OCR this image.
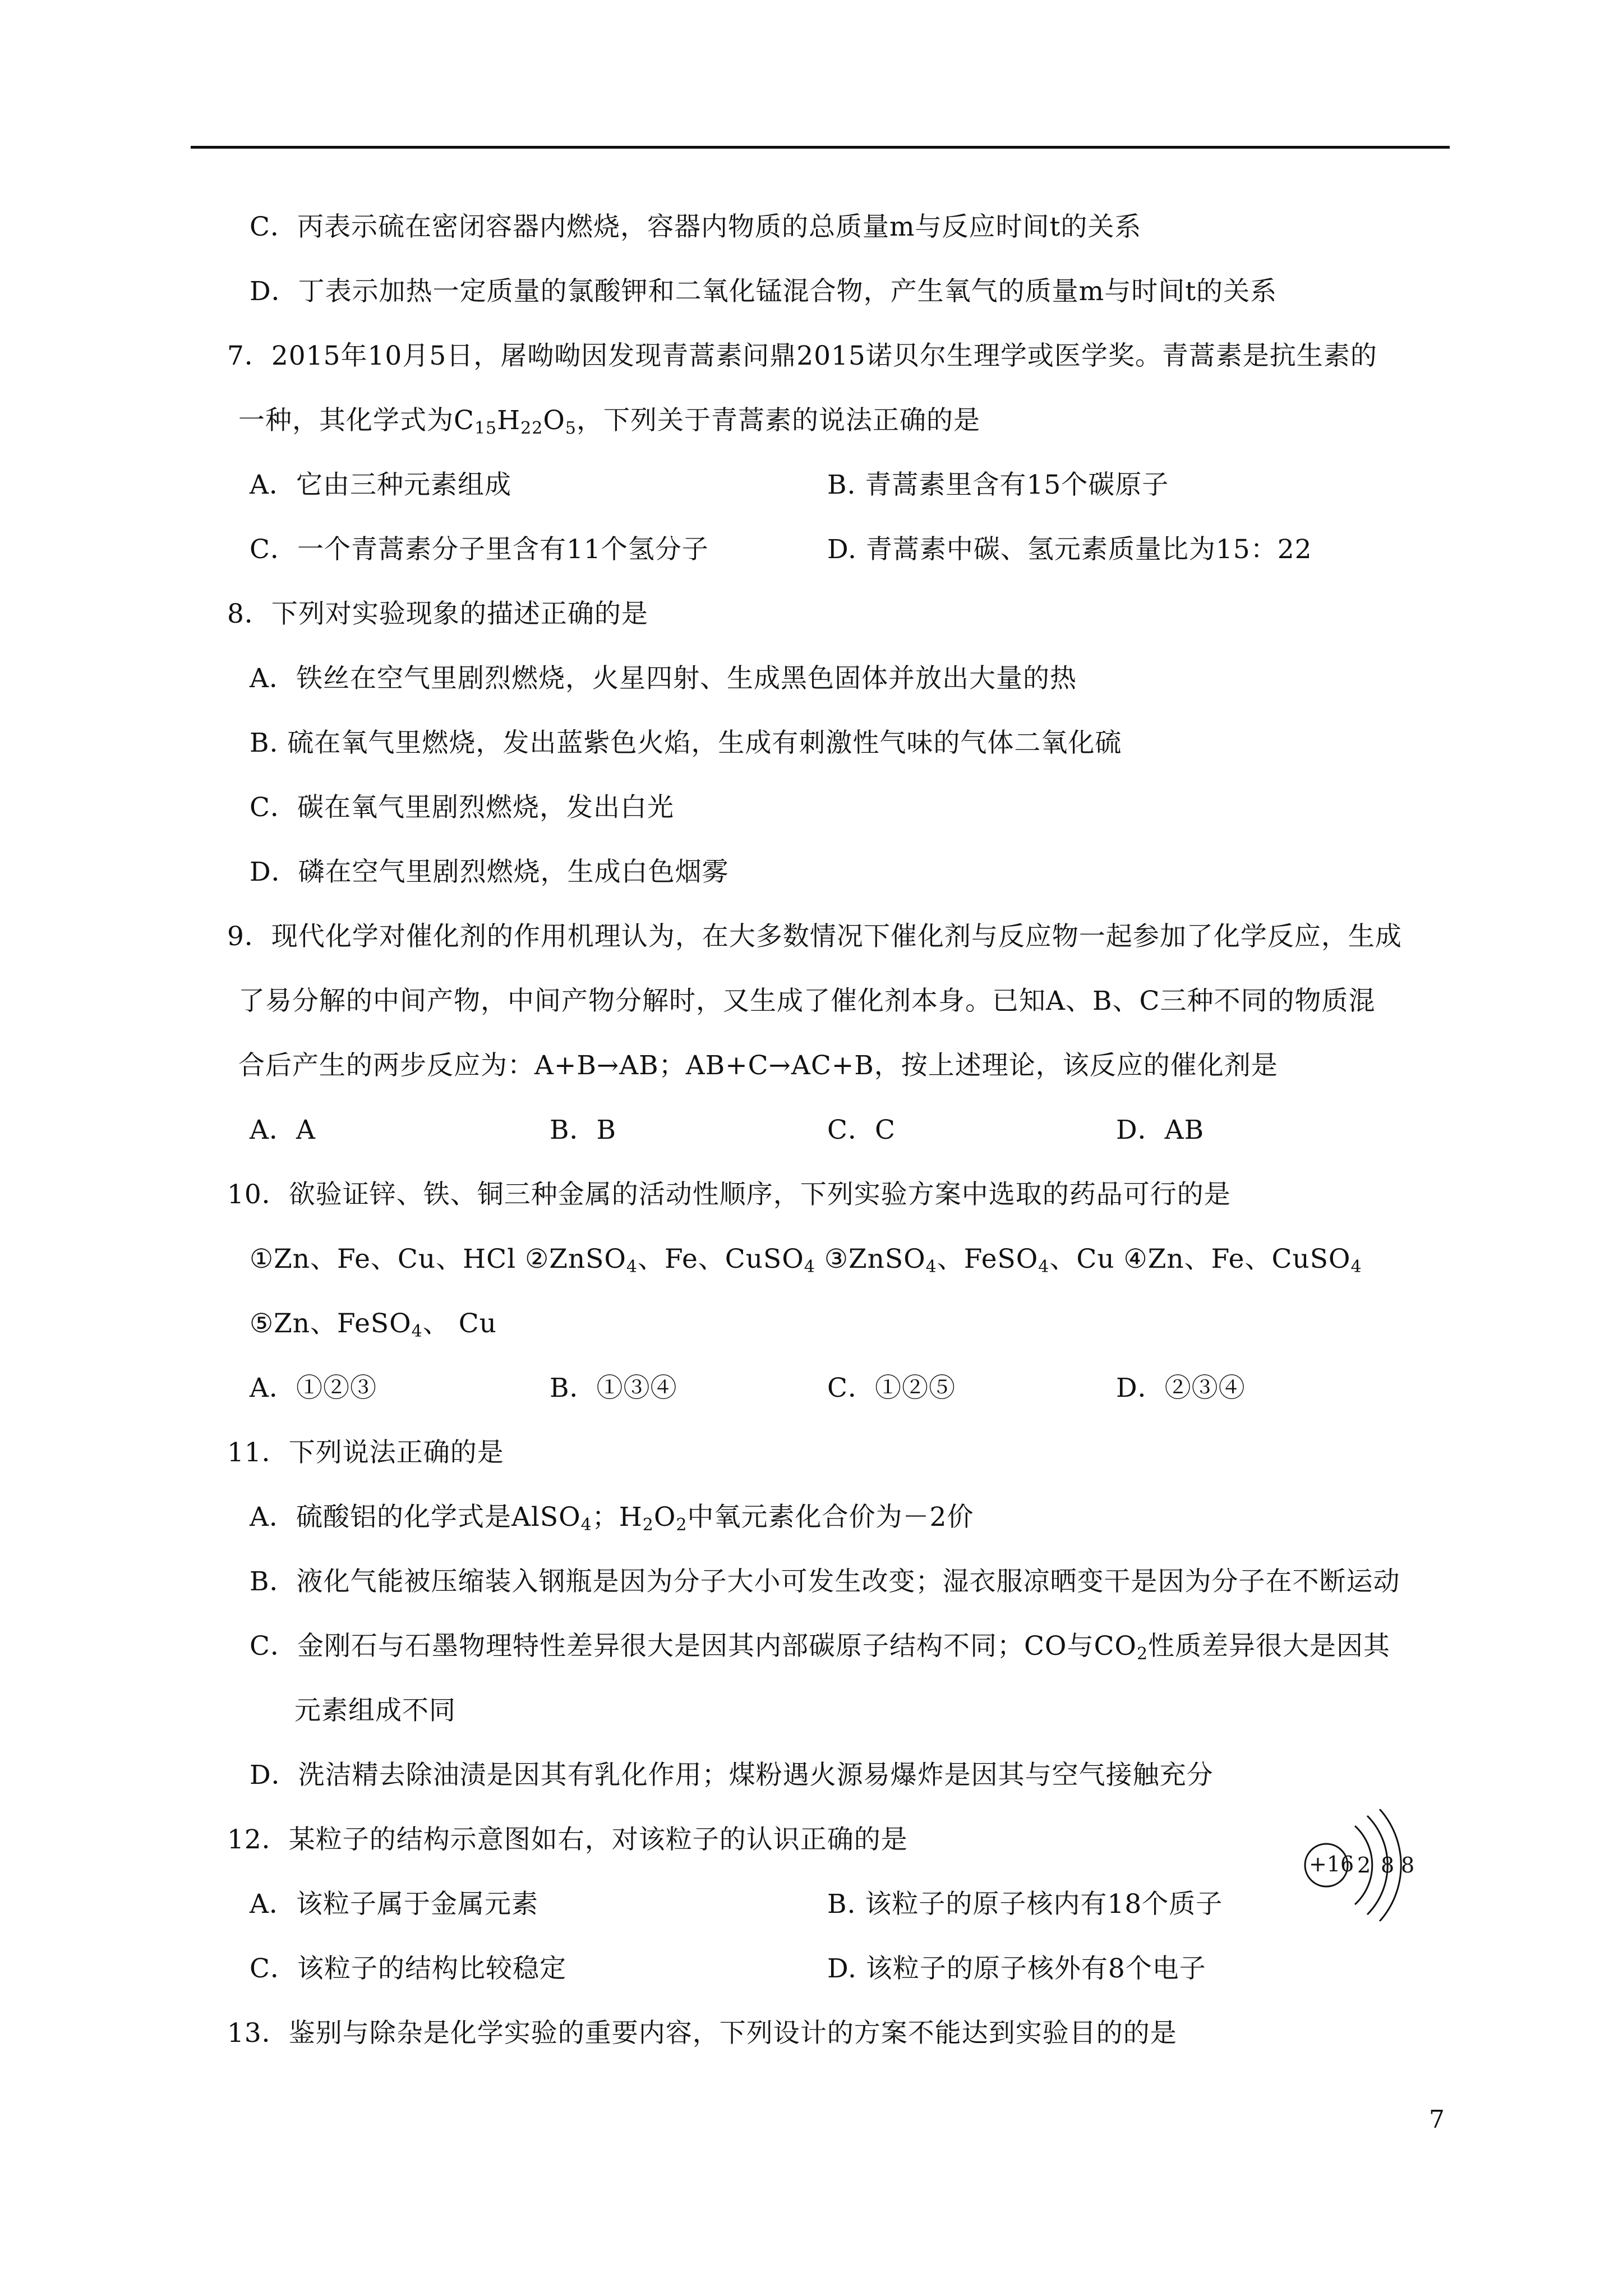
C．丙表示硫在密闭容器内燃烧，容器内物质的总质量m与反应时间t的关系
D．丁表示加热一定质量的氯酸钾和二氧化锰混合物，产生氧气的质量m与时间t的关系
7．2015年10月5日，屠呦呦因发现青蒿素问鼎2015诺贝尔生理学或医学奖。青蒿素是抗生素的
一种，其化学式为$C_{15}H_{22}O_5$，下列关于青蒿素的说法正确的是
A．它由三种元素组成	B. 青蒿素里含有15个碳原子
C．一个青蒿素分子里含有11个氢分子	D. 青蒿素中碳、氢元素质量比为15：22
8．下列对实验现象的描述正确的是
A．铁丝在空气里剧烈燃烧，火星四射、生成黑色固体并放出大量的热
B. 硫在氧气里燃烧，发出蓝紫色火焰，生成有刺激性气味的气体二氧化硫
C．碳在氧气里剧烈燃烧，发出白光
D．磷在空气里剧烈燃烧，生成白色烟雾
9．现代化学对催化剂的作用机理认为，在大多数情况下催化剂与反应物一起参加了化学反应，生成
了易分解的中间产物，中间产物分解时，又生成了催化剂本身。已知A、B、C三种不同的物质混
合后产生的两步反应为：A+B→AB；AB+C→AC+B，按上述理论，该反应的催化剂是
A．A	B．B	C．C	D．AB
10．欲验证锌、铁、铜三种金属的活动性顺序，下列实验方案中选取的药品可行的是
①Zn、Fe、Cu、HCl ②ZnSO$_4$、Fe、CuSO$_4$ ③ZnSO$_4$、FeSO$_4$、Cu ④Zn、Fe、CuSO$_4$
⑤Zn、FeSO$_4$、 Cu
A．①②③	B．①③④	C．①②⑤	D．②③④
11．下列说法正确的是
A．硫酸铝的化学式是AlSO$_4$；$H_2O_2$中氧元素化合价为－2价
B．液化气能被压缩装入钢瓶是因为分子大小可发生改变；湿衣服凉晒变干是因为分子在不断运动
C．金刚石与石墨物理特性差异很大是因其内部碳原子结构不同；CO与$CO_2$性质差异很大是因其
元素组成不同
D．洗洁精去除油渍是因其有乳化作用；煤粉遇火源易爆炸是因其与空气接触充分
12．某粒子的结构示意图如右，对该粒子的认识正确的是
A．该粒子属于金属元素	B. 该粒子的原子核内有18个质子
C．该粒子的结构比较稳定	D. 该粒子的原子核外有8个电子
+16 2 8 8
13．鉴别与除杂是化学实验的重要内容，下列设计的方案不能达到实验目的的是
7
